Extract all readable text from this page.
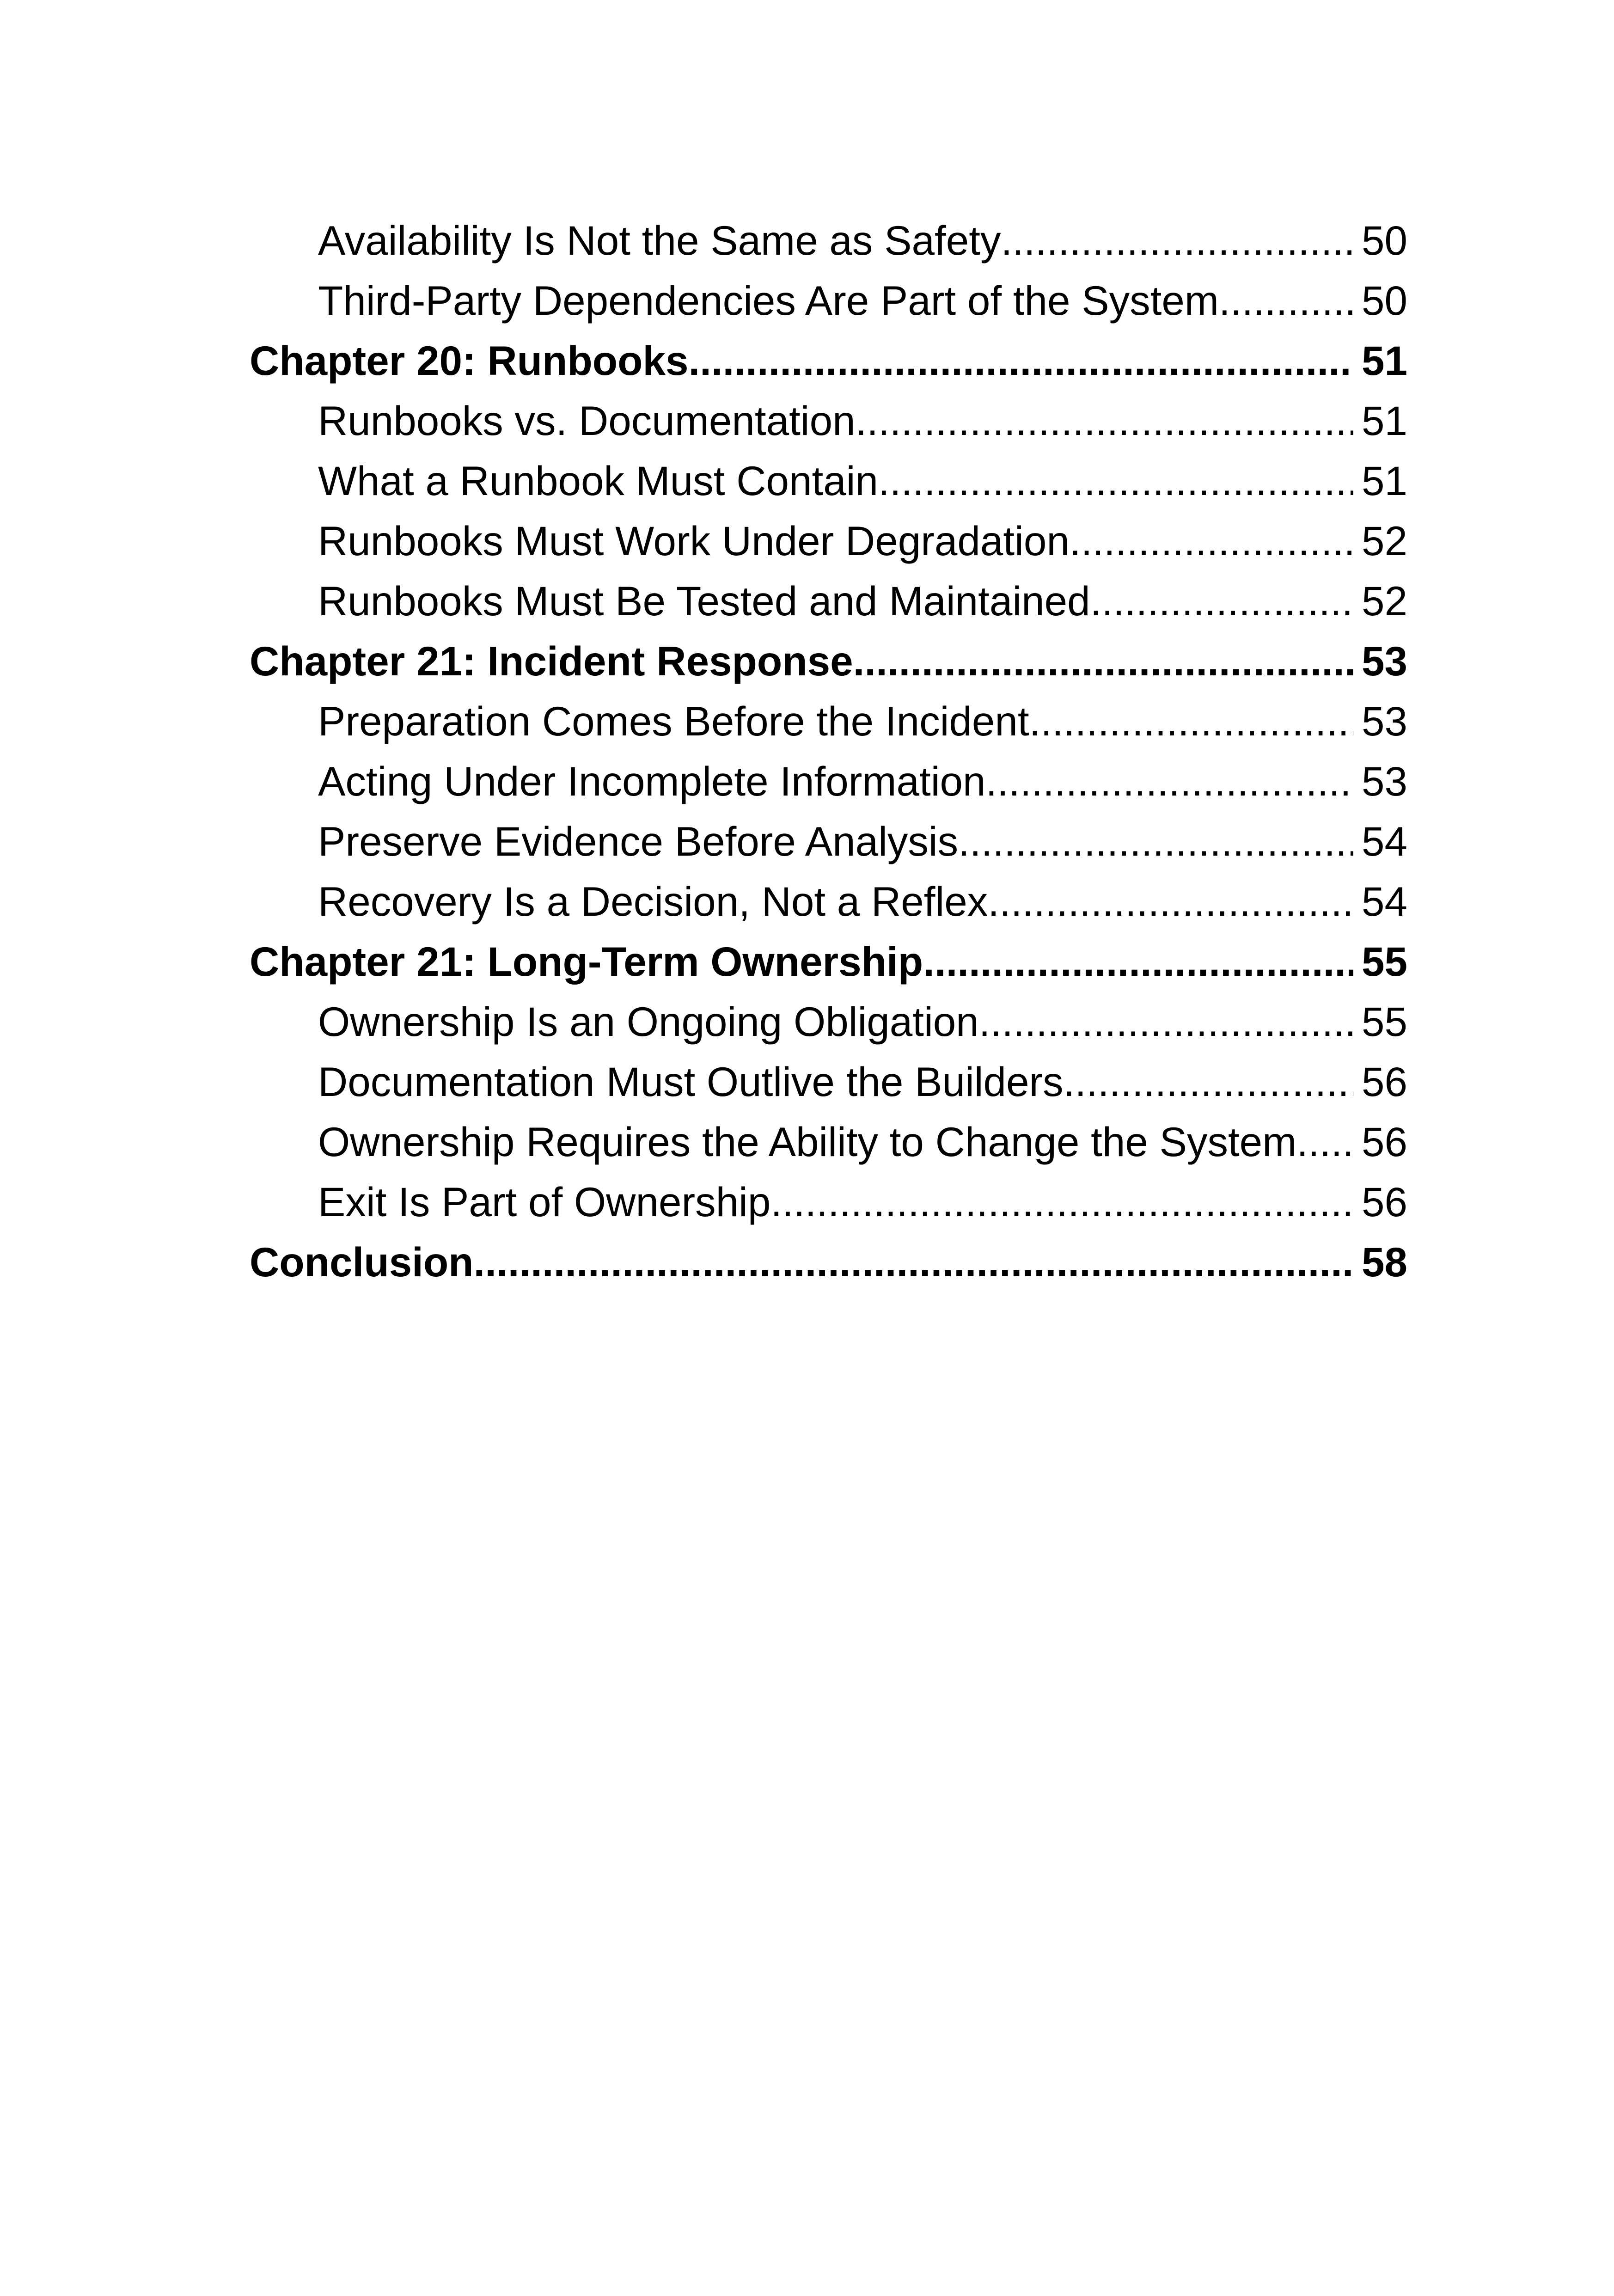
Availability Is Not the Same as Safety .....	50
Third-Party Dependencies Are Part of the System .....	50
Chapter 20: Runbooks .....	51
Runbooks vs. Documentation .....	51
What a Runbook Must Contain .....	51
Runbooks Must Work Under Degradation .....	52
Runbooks Must Be Tested and Maintained .....	52
Chapter 21: Incident Response .....	53
Preparation Comes Before the Incident .....	53
Acting Under Incomplete Information .....	53
Preserve Evidence Before Analysis .....	54
Recovery Is a Decision, Not a Reflex .....	54
Chapter 21: Long-Term Ownership .....	55
Ownership Is an Ongoing Obligation .....	55
Documentation Must Outlive the Builders .....	56
Ownership Requires the Ability to Change the System ..... 56
Exit Is Part of Ownership .....	56
Conclusion .....	58
